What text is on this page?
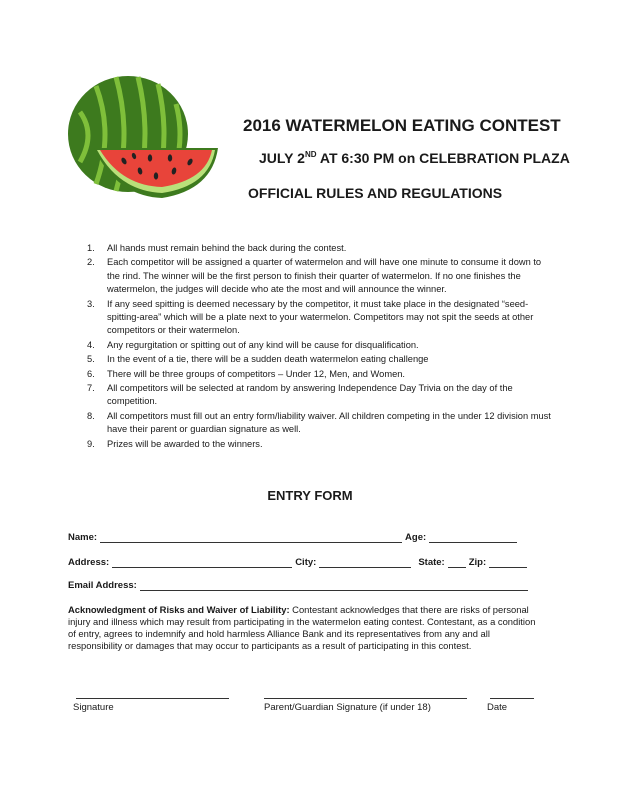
2016 WATERMELON EATING CONTEST
JULY 2ND AT 6:30 PM on CELEBRATION PLAZA
OFFICIAL RULES AND REGULATIONS
1. All hands must remain behind the back during the contest.
2. Each competitor will be assigned a quarter of watermelon and will have one minute to consume it down to the rind. The winner will be the first person to finish their quarter of watermelon. If no one finishes the watermelon, the judges will decide who ate the most and will announce the winner.
3. If any seed spitting is deemed necessary by the competitor, it must take place in the designated “seed-spitting-area” which will be a plate next to your watermelon. Competitors may not spit the seeds at other competitors or their watermelon.
4. Any regurgitation or spitting out of any kind will be cause for disqualification.
5. In the event of a tie, there will be a sudden death watermelon eating challenge
6. There will be three groups of competitors – Under 12, Men, and Women.
7. All competitors will be selected at random by answering Independence Day Trivia on the day of the competition.
8. All competitors must fill out an entry form/liability waiver. All children competing in the under 12 division must have their parent or guardian signature as well.
9. Prizes will be awarded to the winners.
ENTRY FORM
Name:	Age:
Address:	City:	State:	Zip:
Email Address:
Acknowledgment of Risks and Waiver of Liability: Contestant acknowledges that there are risks of personal injury and illness which may result from participating in the watermelon eating contest. Contestant, as a condition of entry, agrees to indemnify and hold harmless Alliance Bank and its representatives from any and all responsibility or damages that may occur to participants as a result of participating in this contest.
Signature	Parent/Guardian Signature (if under 18)	Date
